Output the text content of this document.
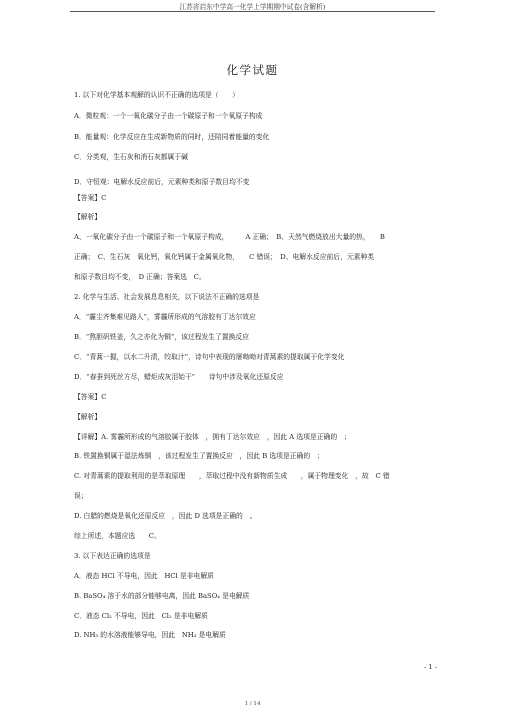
江苏省启东中学高一化学上学期期中试卷(含解析)
化学试题
1. 以下对化学基本观解的认识不正确的选项是（　　）
A．微粒观：一个一氧化碳分子由一个碳原子和一个氧原子构成
B．能量观：化学反应在生成新物质的同时，还陪同着能量的变化
C．分类观，生石灰和消石灰都属于碱
D．守恒观：电解水反应前后，元素种类和原子数目均不变
【答案】C
【解析】
A、一氧化碳分子由一个碳原子和一个氧原子构成，　　　A 正确；　B、天然气燃烧放出大量的热，　　B
正确；　C、生石灰　氧化钙，氧化钙属于金属氧化物，　　C 错误；　D、电解水反应前后，元素种类
和原子数目均不变，　D 正确；答案选　C。
2. 化学与生活、社会发展息息相关，以下说法不正确的选项是
A．“霾尘齐集难见路人”，雾霾所形成的气溶胶有丁达尔效应
B．“熬胆矾铁釜，久之亦化为铜”，该过程发生了置换反应
C．“青蒿一握，以水二升渍，绞取汁”，诗句中表现的屠呦呦对青蒿素的提取属于化学变化
D．“春蚕到死丝方尽，蜡炬成灰泪始干”　　诗句中涉及氧化还原反应
【答案】C
【解析】
【详解】A. 雾霾所形成的气溶胶属于胶体　，拥有丁达尔效应　，因此 A 选项是正确的　；
B. 铁置换铜属于湿法炼铜　，该过程发生了置换反应　，因此 B 选项是正确的　；
C. 对青蒿素的提取利用的是萃取原理　　，萃取过程中没有新物质生成　　，属于物理变化　，故　C 错
误；
D. 白腊的燃烧是氧化还原反应　，因此 D 选项是正确的　。
综上所述，本题应选　　C。
3. 以下表达正确的选项是
A．液态 HCl 不导电，因此　HCl 是非电解质
B. BaSO₄ 溶于水的部分能够电离，因此 BaSO₄ 是电解质
C．液态 Cl₂ 不导电，因此　Cl₂ 是非电解质
D. NH₃ 的水溶液能够导电，因此　NH₃ 是电解质
- 1 -
1 / 14
